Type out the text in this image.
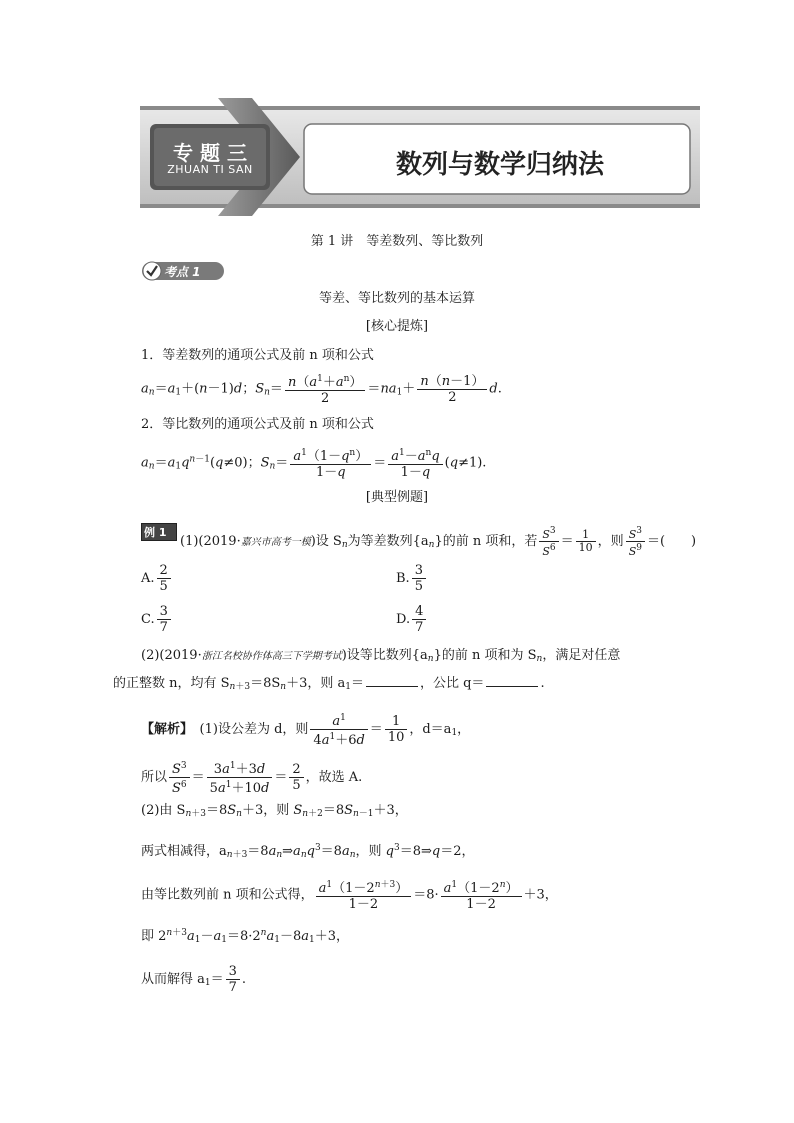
专 题 三
ZHUAN TI SAN	数列与数学归纳法
第 1 讲　等差数列、等比数列
考点 1
等差、等比数列的基本运算
[核心提炼]
1．等差数列的通项公式及前 n 项和公式
$a_n=a_1+(n-1)d$；$S_n= \frac{n(a^1+a^n)}{2} =na_1+ \frac{n(n-1)}{2} d$.
2．等比数列的通项公式及前 n 项和公式
$a_n=a_1q^{n-1}(q\ne 0)$；$S_n= \frac{a^1(1-q^n)}{1-q} = \frac{a^1-a^nq}{1-q} (q\ne 1)$.
[典型例题]
例 1
(1)(2019·嘉兴市高考一模)设 $S_n$为等差数列$\{a_n\}$的前 n 项和，若 $\frac{S^3}{S^6} = \frac{1}{10}$ ，则 $\frac{S^3}{S^9}$ ＝(　　)
A. $\frac{2}{5}$	B. $\frac{3}{5}$
C. $\frac{3}{7}$	D. $\frac{4}{7}$
(2)(2019·浙江名校协作体高三下学期考试)设等比数列$\{a_n\}$的前 n 项和为 $S_n$，满足对任意
的正整数 n，均有 $S_{n+3}=8S_n+3$，则 $a_1=$	，公比 q＝	.
【解析】　 (1)设公差为 d，则 $\frac{a^1}{4a^1+6d} = \frac{1}{10}$ ，$d=a_1$，
所以 $\frac{S^3}{S^6} = \frac{3a^1+3d}{5a^1+10d} = \frac{2}{5}$ ，故选 A.
(2)由 $S_{n+3}=8S_n+3$，则 $S_{n+2}=8S_{n-1}+3$，
两式相减得，$a_{n+3}=8a_n\Rightarrow a_nq^3=8a_n$，则 $q^3=8\Rightarrow q=2$，
由等比数列前 n 项和公式得， $\frac{a^1(1-2^{n+3})}{1-2} =8\cdot \frac{a^1(1-2^n)}{1-2} +3$，
即 $2^{n+3}a_1-a_1=8\cdot 2^na_1-8a_1+3$，
从而解得 $a_1= \frac{3}{7}$ .
